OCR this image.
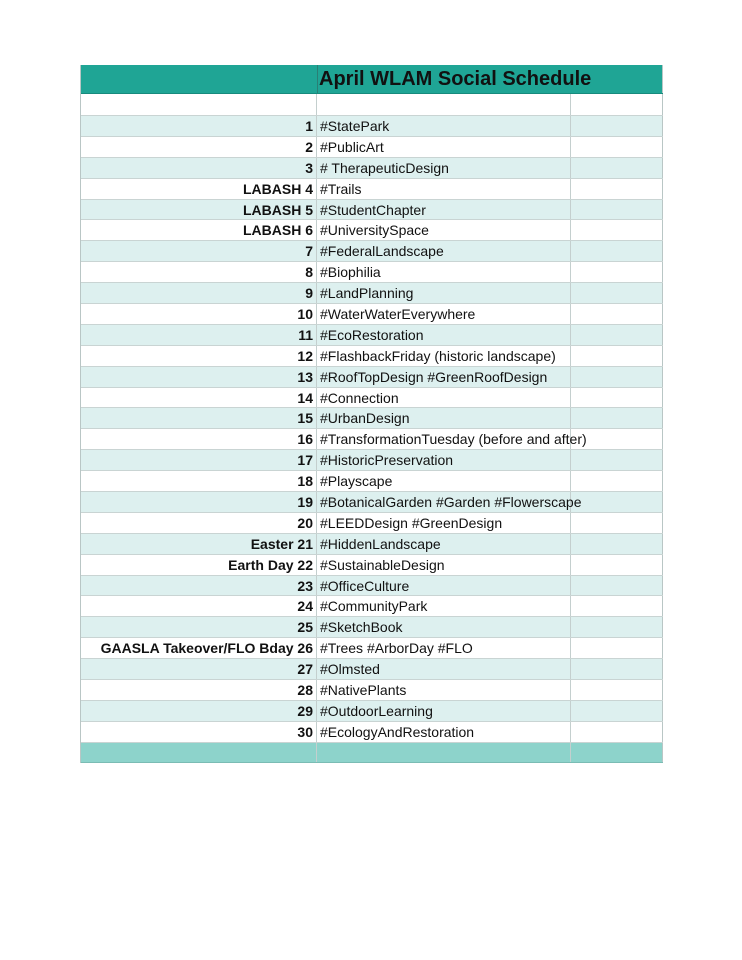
April WLAM Social Schedule
1 #StatePark
2 #PublicArt
3 # TherapeuticDesign
LABASH 4 #Trails
LABASH 5 #StudentChapter
LABASH 6 #UniversitySpace
7 #FederalLandscape
8 #Biophilia
9 #LandPlanning
10 #WaterWaterEverywhere
11 #EcoRestoration
12 #FlashbackFriday (historic landscape)
13 #RoofTopDesign #GreenRoofDesign
14 #Connection
15 #UrbanDesign
16 #TransformationTuesday (before and after)
17 #HistoricPreservation
18 #Playscape
19 #BotanicalGarden #Garden #Flowerscape
20 #LEEDDesign #GreenDesign
Easter 21 #HiddenLandscape
Earth Day 22 #SustainableDesign
23 #OfficeCulture
24 #CommunityPark
25 #SketchBook
GAASLA Takeover/FLO Bday 26 #Trees #ArborDay #FLO
27 #Olmsted
28 #NativePlants
29 #OutdoorLearning
30 #EcologyAndRestoration
